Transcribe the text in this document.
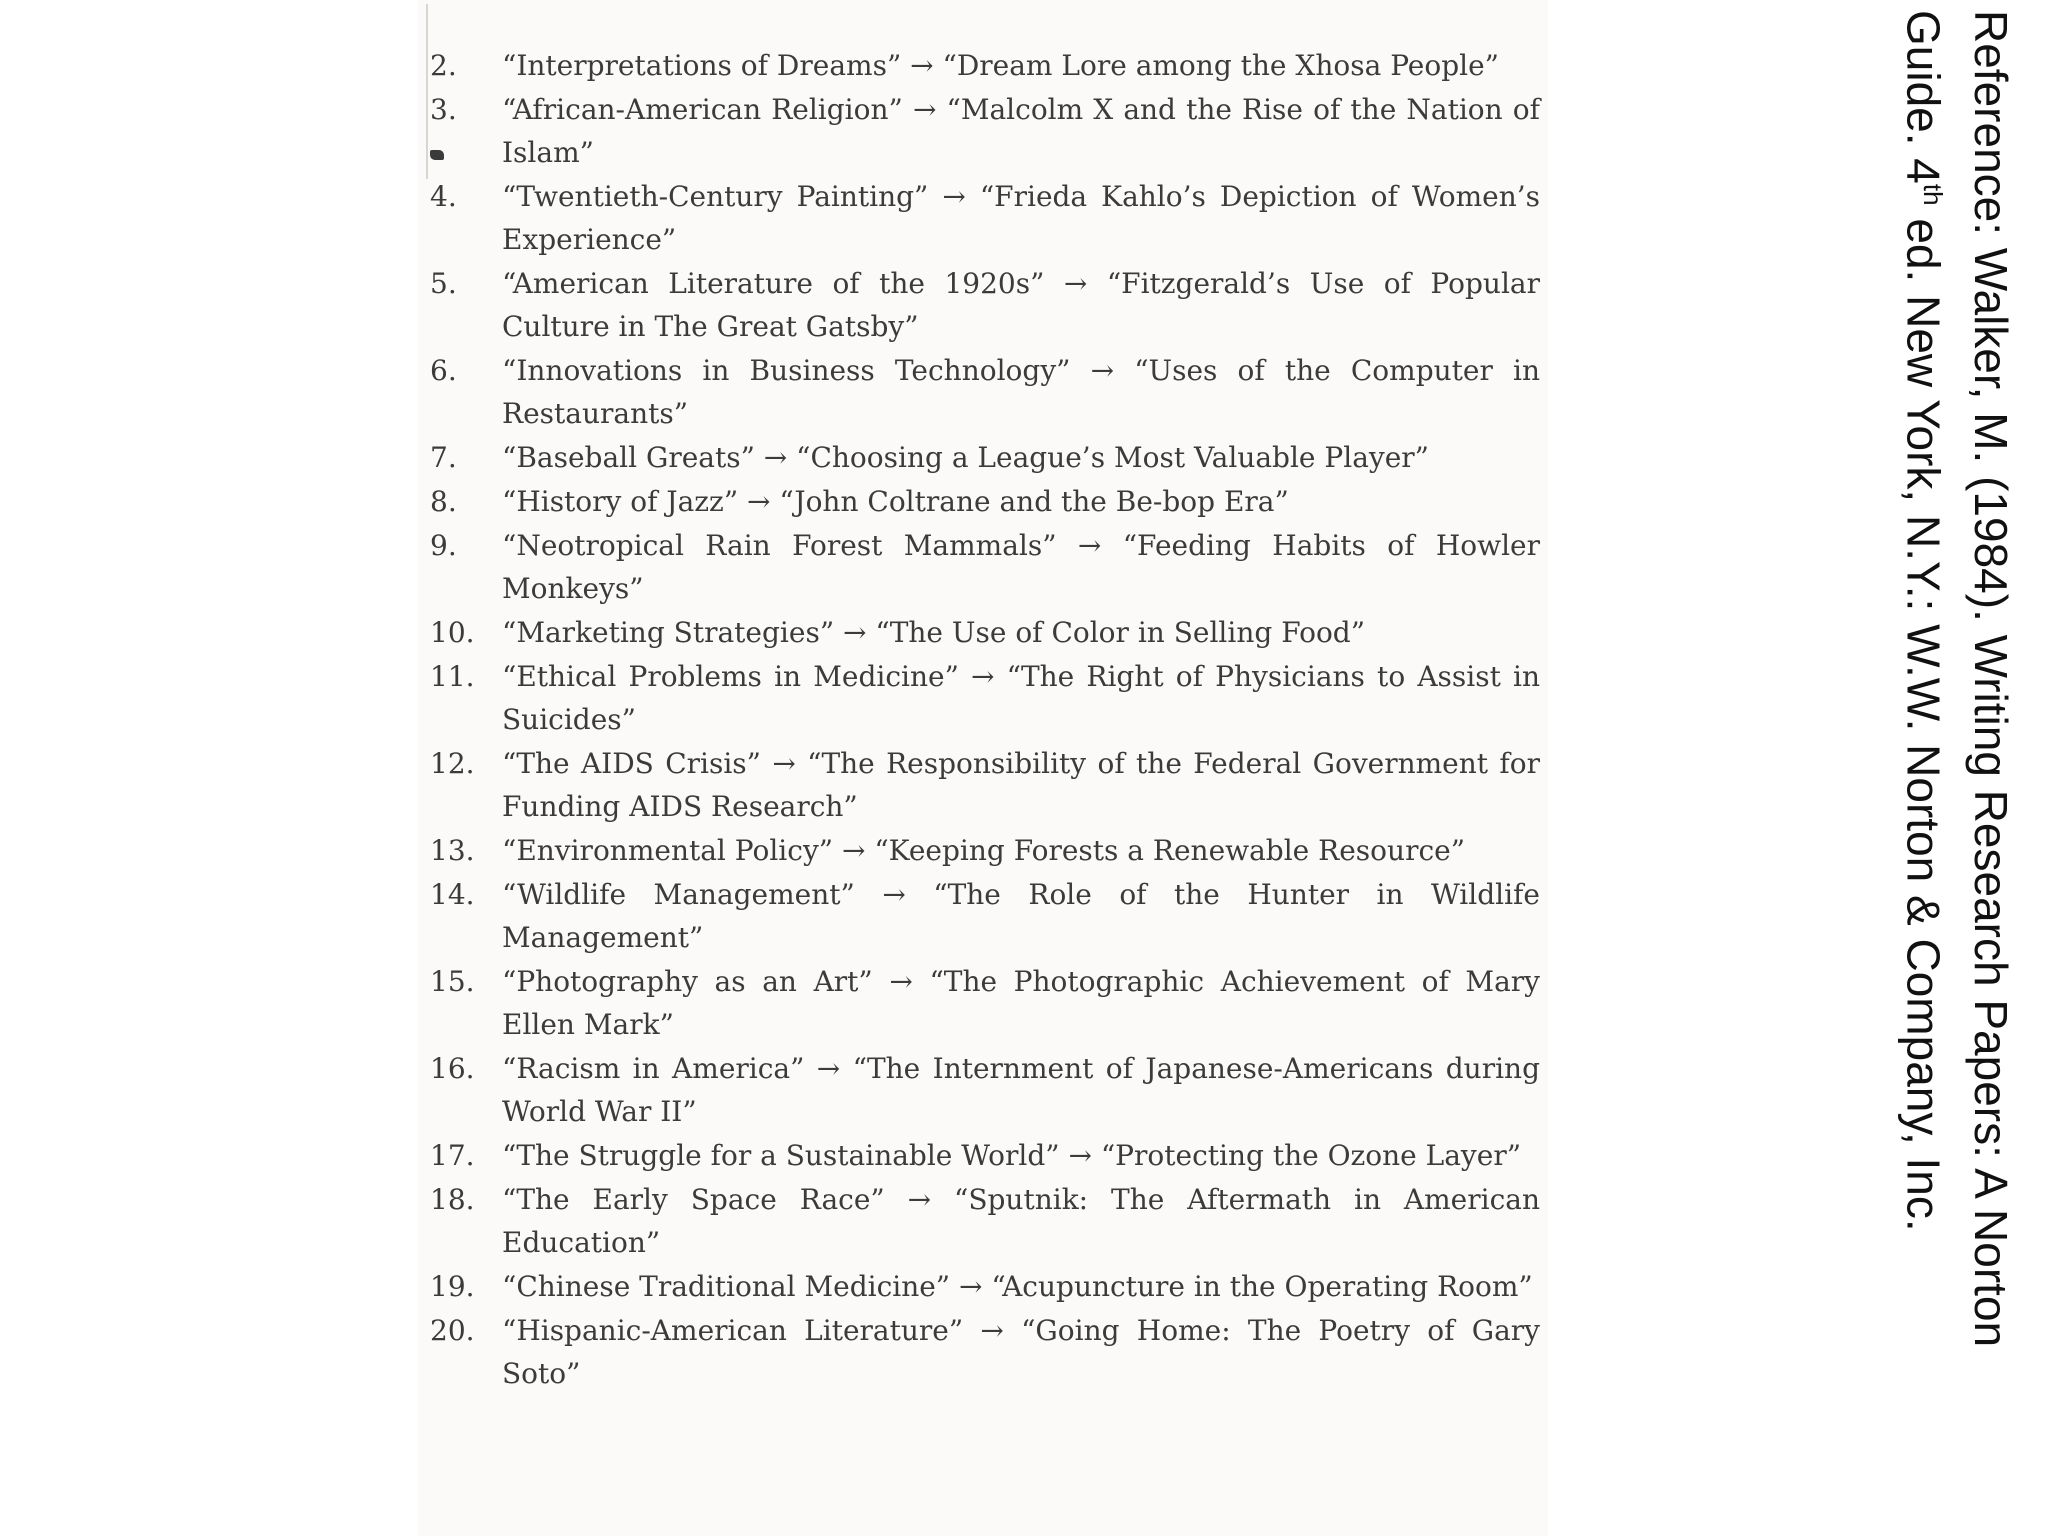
2.	“Interpretations of Dreams” → “Dream Lore among the Xhosa People”
3.	“African-American Religion” → “Malcolm X and the Rise of the Nation of Islam”
4.	“Twentieth-Century Painting” → “Frieda Kahlo’s Depiction of Women’s Experience”
5.	“American Literature of the 1920s” → “Fitzgerald’s Use of Popular Culture in The Great Gatsby”
6.	“Innovations in Business Technology” → “Uses of the Computer in Restaurants”
7.	“Baseball Greats” → “Choosing a League’s Most Valuable Player”
8.	“History of Jazz” → “John Coltrane and the Be-bop Era”
9.	“Neotropical Rain Forest Mammals” → “Feeding Habits of Howler Monkeys”
10. “Marketing Strategies” → “The Use of Color in Selling Food”
11. “Ethical Problems in Medicine” → “The Right of Physicians to Assist in Suicides”
12. “The AIDS Crisis” → “The Responsibility of the Federal Government for Funding AIDS Research”
13. “Environmental Policy” → “Keeping Forests a Renewable Resource”
14. “Wildlife Management” → “The Role of the Hunter in Wildlife Management”
15. “Photography as an Art” → “The Photographic Achievement of Mary Ellen Mark”
16. “Racism in America” → “The Internment of Japanese-Americans during World War II”
17. “The Struggle for a Sustainable World” → “Protecting the Ozone Layer”
18. “The Early Space Race” → “Sputnik: The Aftermath in American Education”
19. “Chinese Traditional Medicine” → “Acupuncture in the Operating Room”
20. “Hispanic-American Literature” → “Going Home: The Poetry of Gary Soto”
Reference: Walker, M. (1984). Writing Research Papers: A Norton
Guide. 4th ed. New York, N.Y.: W.W. Norton & Company, Inc.
